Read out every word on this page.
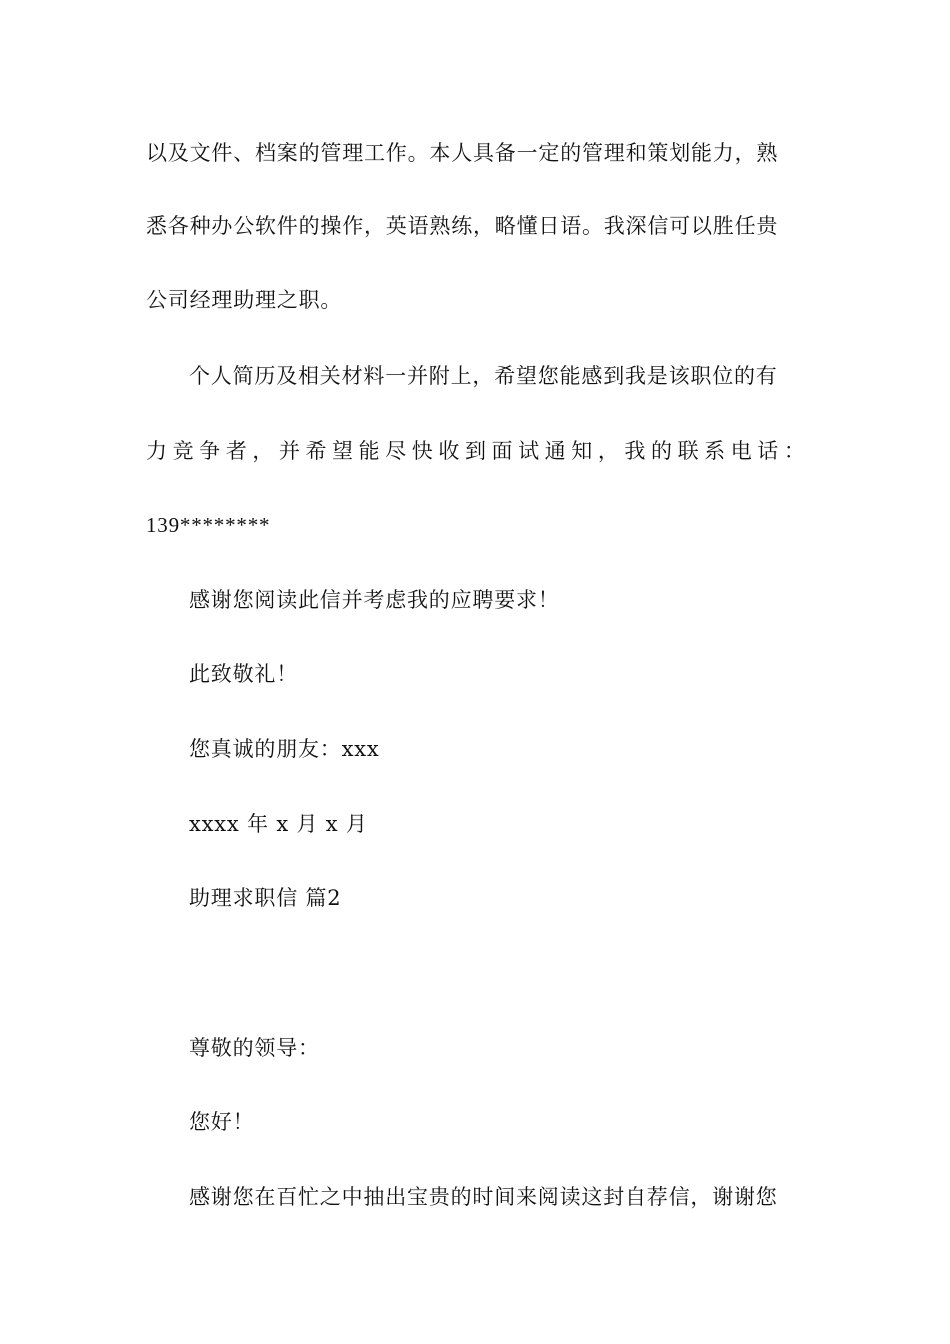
以及文件、档案的管理工作。本人具备一定的管理和策划能力，熟
悉各种办公软件的操作，英语熟练，略懂日语。我深信可以胜任贵
公司经理助理之职。
个人简历及相关材料一并附上，希望您能感到我是该职位的有
力 竞 争 者 ， 并 希 望 能 尽 快 收 到 面 试 通 知 ， 我 的 联 系 电 话 ：
139********
感谢您阅读此信并考虑我的应聘要求！
此致敬礼！
您真诚的朋友：xxx
xxxx 年 x 月 x 月
助理求职信 篇2
尊敬的领导：
您好！
感谢您在百忙之中抽出宝贵的时间来阅读这封自荐信，谢谢您
